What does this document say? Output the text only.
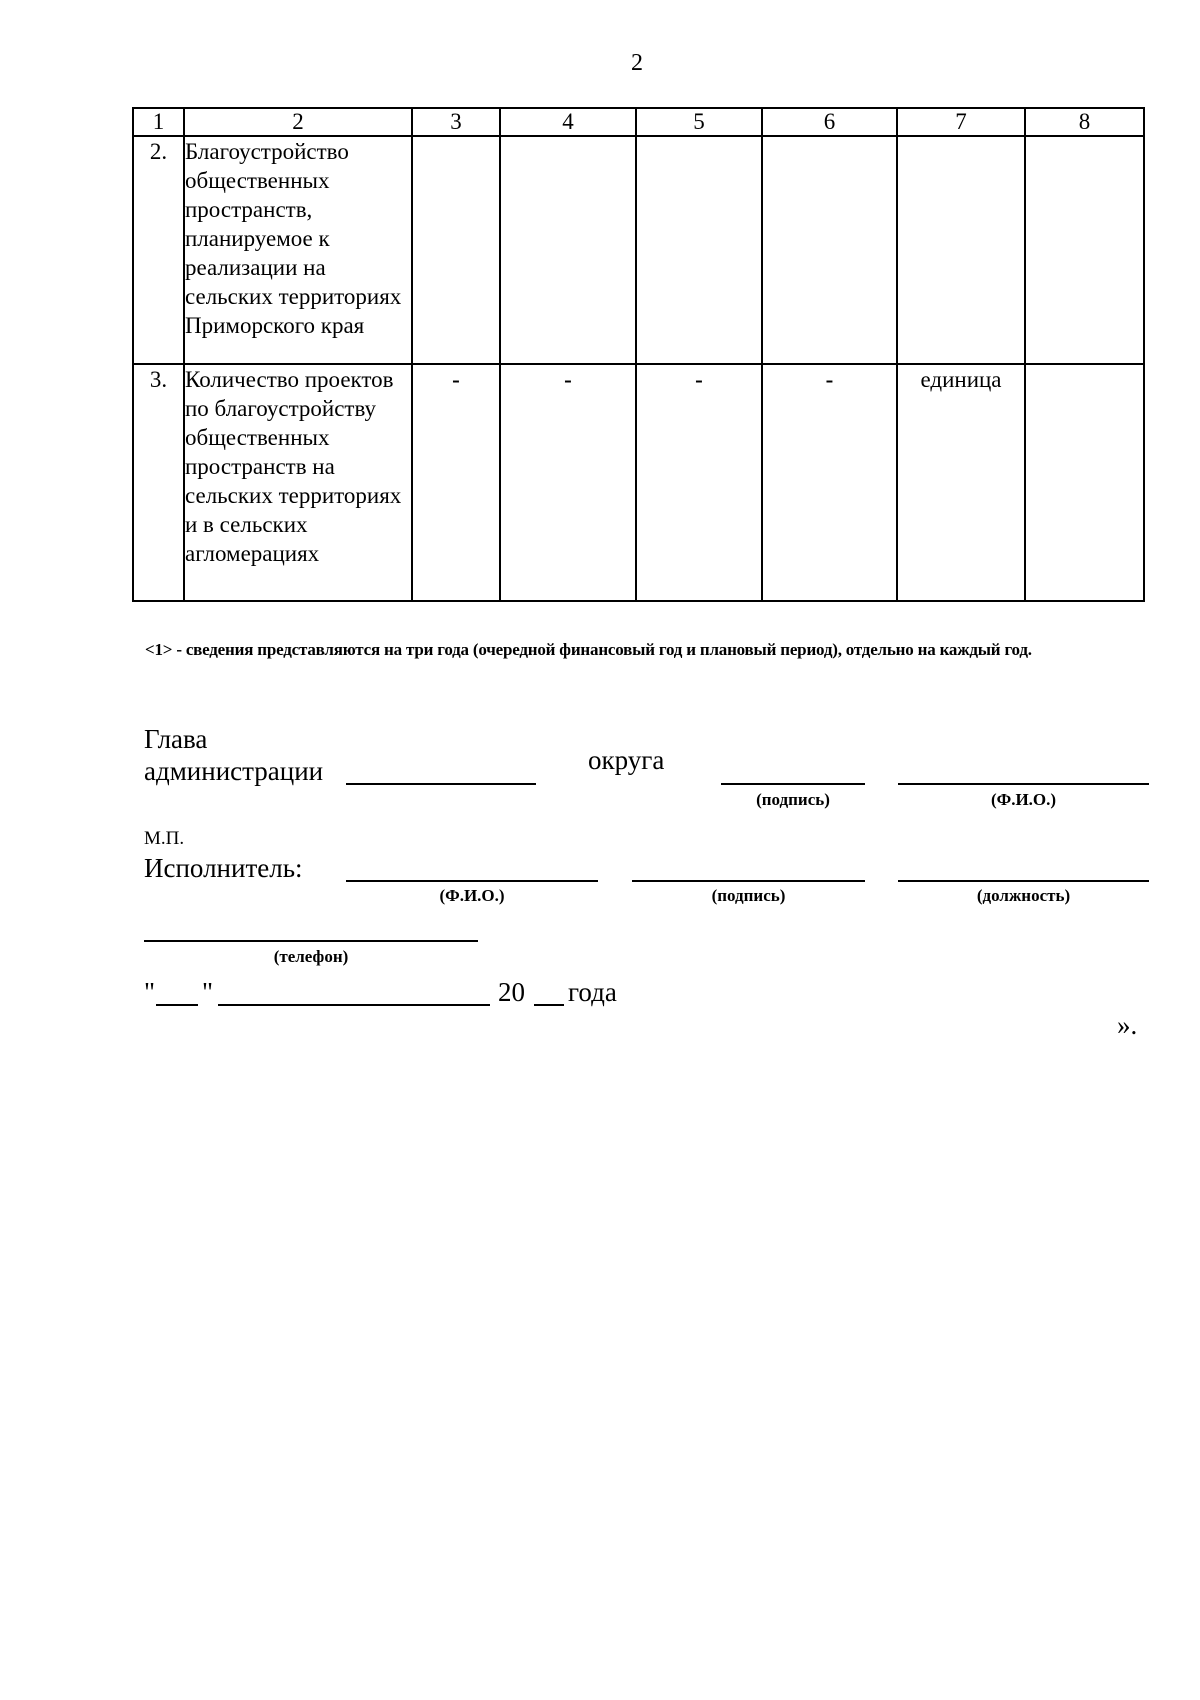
2
1	2	3	4	5	6	7	8
2.	Благоустройство общественных пространств, планируемое к реализации на сельских территориях Приморского края						
3.	Количество проектов по благоустройству общественных пространств на сельских территориях и в сельских агломерациях	-	-	-	-	единица	
<1> - сведения представляются на три года (очередной финансовый год и плановый период), отдельно на каждый год.
Глава
администрации	округа
(подпись)	(Ф.И.О.)
М.П.
Исполнитель:
(Ф.И.О.)	(подпись)	(должность)
(телефон)
" "	20 года
».
